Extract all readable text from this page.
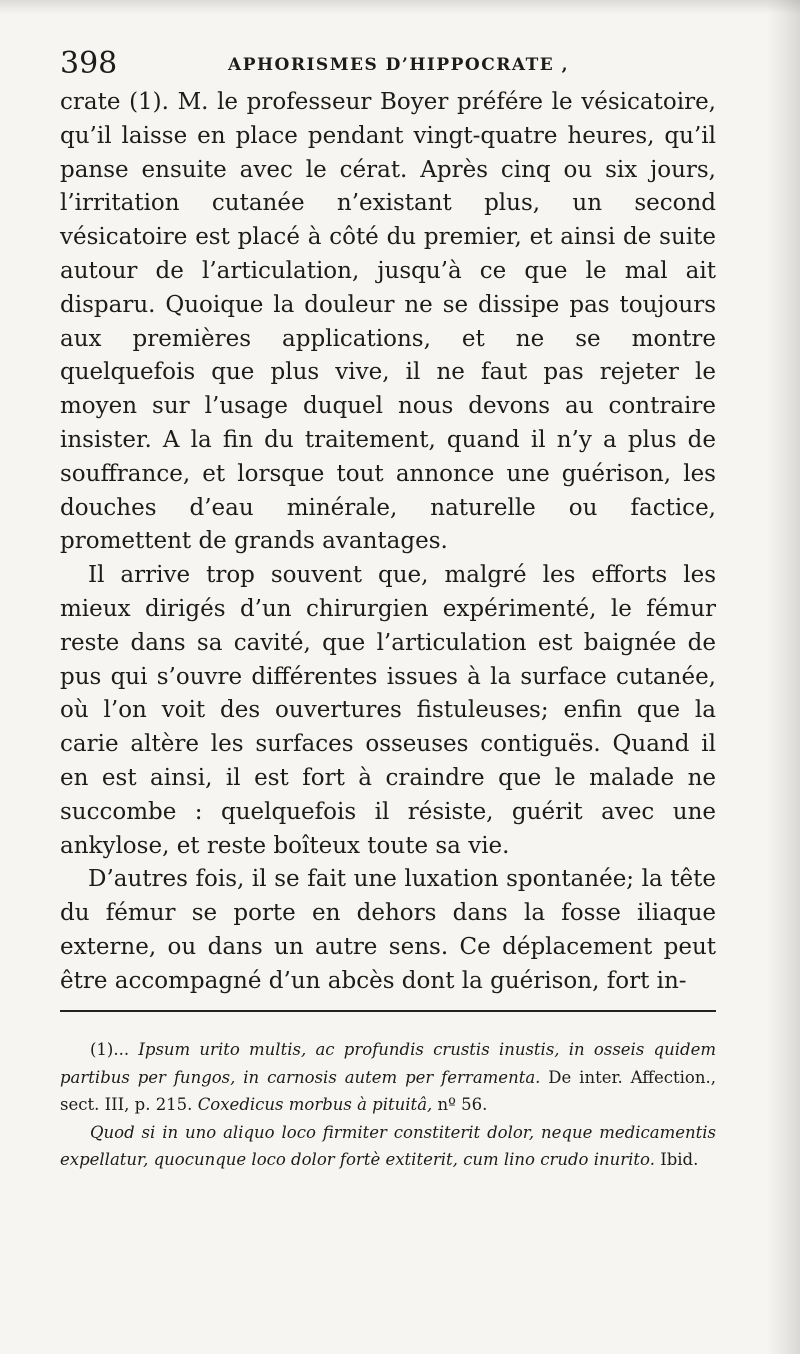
398	APHORISMES D’HIPPOCRATE ,

crate (1). M. le professeur Boyer préfére le vésicatoire, qu’il laisse en place pendant vingt-quatre heures, qu’il panse ensuite avec le cérat. Après cinq ou six jours, l’irritation cutanée n’existant plus, un second vésicatoire est placé à côté du premier, et ainsi de suite autour de l’articulation, jusqu’à ce que le mal ait disparu. Quoique la douleur ne se dissipe pas toujours aux premières applications, et ne se montre quelquefois que plus vive, il ne faut pas rejeter le moyen sur l’usage duquel nous devons au contraire insister. A la fin du traitement, quand il n’y a plus de souffrance, et lorsque tout annonce une guérison, les douches d’eau minérale, naturelle ou factice, promettent de grands avantages.

Il arrive trop souvent que, malgré les efforts les mieux dirigés d’un chirurgien expérimenté, le fémur reste dans sa cavité, que l’articulation est baignée de pus qui s’ouvre différentes issues à la surface cutanée, où l’on voit des ouvertures fistuleuses; enfin que la carie altère les surfaces osseuses contiguës. Quand il en est ainsi, il est fort à craindre que le malade ne succombe : quelquefois il résiste, guérit avec une ankylose, et reste boîteux toute sa vie.

D’autres fois, il se fait une luxation spontanée; la tête du fémur se porte en dehors dans la fosse iliaque externe, ou dans un autre sens. Ce déplacement peut être accompagné d’un abcès dont la guérison, fort in-

(1)... Ipsum urito multis, ac profundis crustis inustis, in osseis quidem partibus per fungos, in carnosis autem per ferramenta. De inter. Affection., sect. III, p. 215. Coxedicus morbus à pituitâ, nº 56.

Quod si in uno aliquo loco firmiter constiterit dolor, neque medicamentis expellatur, quocunque loco dolor fortè extiterit, cum lino crudo inurito. Ibid.
